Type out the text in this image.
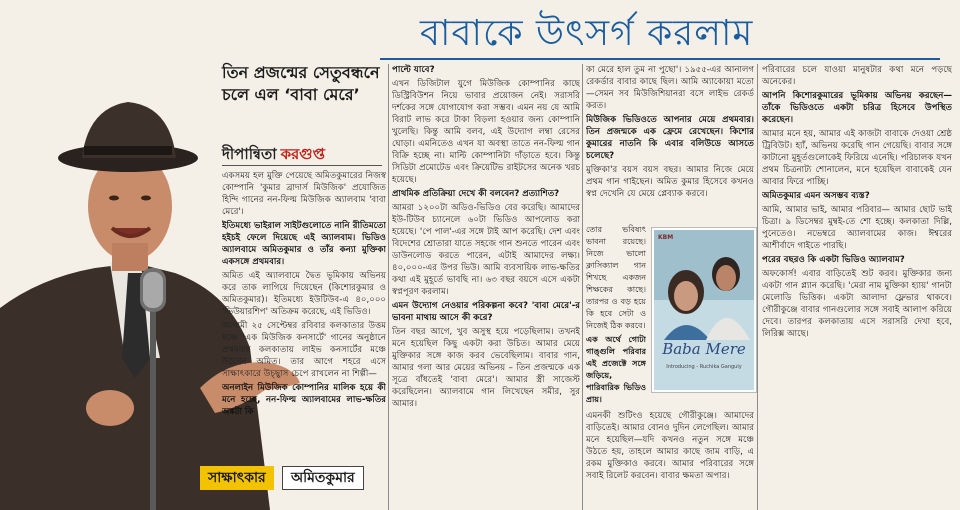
বাবাকে উৎসর্গ করলাম
তিন প্রজন্মের সেতুবন্ধনে চলে এল ‘বাবা মেরে’
দীপান্বিতা করগুপ্ত

একসময় হল মুক্তি পেয়েছে অমিতকুমারের নিজস্ব কোম্পানি 'কুমার ব্রাদার্স মিউজিক' প্রযোজিত হিন্দি গানের নন-ফিল্ম মিউজিক অ্যালবাম 'বাবা মেরে'।

ইতিমধ্যে ভাইরাল সাইটগুলোতে নানি রীতিমতো হইচই ফেলে দিয়েছে এই অ্যালবাম। ভিডিও অ্যালবামে অমিতকুমার ও তাঁর কন্যা মুক্তিকা একসঙ্গে প্রথমবার।

অমিত এই অ্যালবামে দ্বৈত ভূমিকায় অভিনয় করে তাক লাগিয়ে দিয়েছেন (কিশোরকুমার ও অমিতকুমার)। ইতিমধ্যে ইউটিউব-এ ৪০,০০০ 'ভিউয়ারশিপ' অতিক্রম করেছে, এই ভিডিও।

আগামী ২৫ সেপ্টেম্বর রবিবার কলকাতার উত্তম মঞ্চে 'এক মিউজিক কনসার্টে' গানের অনুষ্ঠানে প্রথমবার কলকাতায় লাইভ কনসার্টের মঞ্চে উঠবেন অমিত। তার আগে শহরে এসে সাক্ষাৎকারে উচ্ছ্বাস চেপে রাখলেন না শিল্পী—

অনলাইন মিউজিক কোম্পানির মালিক হয়ে কী মনে হচ্ছে, নন-ফিল্ম অ্যালবামের লাভ-ক্ষতির অঙ্কটা কি

পাল্টে যাবে?

এখন ডিজিটাল যুগে মিউজিক কোম্পানির কাছে ডিস্ট্রিবিউশন নিয়ে ভাবার প্রয়োজন নেই। সরাসরি দর্শকের সঙ্গে যোগাযোগ করা সম্ভব। এমন নয় যে আমি বিরাট লাভ করে টাকা বিড়লা হওয়ার জন্য কোম্পানি খুলেছি। কিন্তু আমি বলব, এই উদ্যোগ লম্বা রেসের ঘোড়া। এমনিতেও এখন যা অবস্থা তাতে নন-ফিল্ম গান বিক্রি হচ্ছে না। মাল্টি কোম্পানিটা দাঁড়াতে হবে। কিন্তু সিডিটা প্রমোটেড এবং ক্রিয়েটিভ রাইটসের অনেক খরচ হয়েছে।

প্রাথমিক প্রতিক্রিয়া দেখে কী বলবেন? প্রত্যাশিত?

আমরা ১২০০টা অডিও-ভিডিও বের করেছি। আমাদের ইউ-টিউব চ্যানেলে ৬০টা ভিডিও আপলোড করা হয়েছে। 'পে পাল'-এর সঙ্গে টাই আপ করেছি। দেশ এবং বিদেশের শ্রোতারা যাতে সহজে গান শুনতে পারেন এবং ডাউনলোড করতে পারেন, এটাই আমাদের লক্ষ্য। ৪০,০০০-এর উপর ভিউ। আমি ব্যবসায়িক লাভ-ক্ষতির কথা এই মুহূর্তে ভাবছি না। ৬৩ বছর বয়সে এসে একটা স্বপ্নপূরণ করলাম।

এমন উদ্যোগ নেওয়ার পরিকল্পনা কবে? 'বাবা মেরে'-র ভাবনা মাথায় আসে কী করে?

তিন বছর আগে, খুব অসুস্থ হয়ে পড়েছিলাম। তখনই মনে হয়েছিল কিছু একটা করা উচিত। আমার মেয়ে মুক্তিকার সঙ্গে কাজ করব ভেবেছিলাম। বাবার গান, আমার গলা আর মেয়ের অভিনয় – তিন প্রজন্মকে এক সূত্রে বাঁধতেই 'বাবা মেরে'। আমার স্ত্রী সাজেস্ট করেছিলেন। অ্যালবামে গান লিখেছেন সমীর, সুর আমার।

কা মেরে হাল তুম না পুছো'। ১৯৫৫-এর আনালগ রেকর্ডার বাবার কাছে ছিল। আমি অ্যাকোয়া মতো—সেমন সব মিউজিশিয়ানরা বসে লাইভ রেকর্ড করত।

মিউজিক ভিডিওতে আপনার মেয়ে প্রথমবার। তিন প্রজন্মকে এক ফ্রেমে রেখেছেন। কিশোর কুমারের নাতনি কি এবার বলিউডে আসতে চলেছে?

মুক্তিকা'র বয়স বয়স বছর। আমার নিজে মেয়ে প্রথম গান গাইছেন। অমিত কুমার হিসেবে কখনও স্বপ্ন দেখেনি যে মেয়ে প্লেব্যাক করবে।

তোর ভবিষ্যৎ ভাবনা রয়েছে। নিজে ভালো ক্লাসিক্যাল গান শিখছে একজন শিক্ষকের কাছে। তারপর ও বড় হয়ে কি হবে সেটা ও নিজেই ঠিক করবে।

এক অর্থে গোটা গাঙ্গুলি পরিবার এই প্রজেক্টে সঙ্গে জড়িয়ে, পারিবারিক ভিডিও প্রায়।

এমনকী শুটিংও হয়েছে গৌরীকুঞ্জে। আমাদের বাড়িতেই। আমার বোনও দুদিন লেগেছিল। আমার মনে হয়েছিল—যদি কখনও নতুন সঙ্গে মঞ্চে উঠতে হয়, তাহলে আমার কাছে জাম বাড়ি, এ রকম মুক্তিকাও করবে। আমার পরিবারের সঙ্গে সবাই রিলেট করবেন। বাবার ক্ষমতা অপার।

পরিবারের চলে যাওয়া মানুষটার কথা মনে পড়ছে অনেকের।

আপনি কিশোরকুমারের ভূমিকায় অভিনয় করছেন—তাঁকে ভিডিওতে একটা চরিত্র হিসেবে উপস্থিত করেছেন।

আমার মনে হয়, আমার এই কাজটা বাবাকে দেওয়া শ্রেষ্ঠ ট্রিবিউট। হ্যাঁ, অভিনয় করেছি গান গেয়েছি। বাবার সঙ্গে কাটানো মুহূর্তগুলোকেই ফিরিয়ে এনেছি। পরিচালক যখন প্রথম চিত্রনাট্য শোনালেন, মনে হয়েছিল বাবাকেই যেন আবার ফিরে পাচ্ছি।

অমিতকুমার এমন অসম্ভব ব্যস্ত?

আমি, আমার ভাই, আমার পরিবার— আমার ছোট ভাই চিত্রা। ৯ ডিসেম্বর মুম্বই-তে শো হচ্ছে। কলকাতা দিল্লি, পুনেতেও। নভেম্বরে অ্যালবামের কাজ। ঈশ্বরের আশীর্বাদে গাইতে পারছি।

পরের বছরও কি একটা ভিডিও অ্যালবাম?

অফকোর্স! এবার বাড়িতেই শুট করব। মুক্তিকার জন্য একটা গান প্ল্যান করেছি। 'মেরা নাম মুক্তিকা হ্যায়' গানটা মেলোডি ভিত্তিক। একটা আলাদা ফ্লেভার থাকবে। গৌরীকুঞ্জে বাবার গানগুলোর সঙ্গে সবাই আলাপ করিয়ে দেবে। তারপর কলকাতায় এসে সরাসরি দেখা হবে, লিরিক্স আছে।

KBM
Baba Mere
Introducing - Ruchika Ganguly
সাক্ষাৎকার	অমিতকুমার
